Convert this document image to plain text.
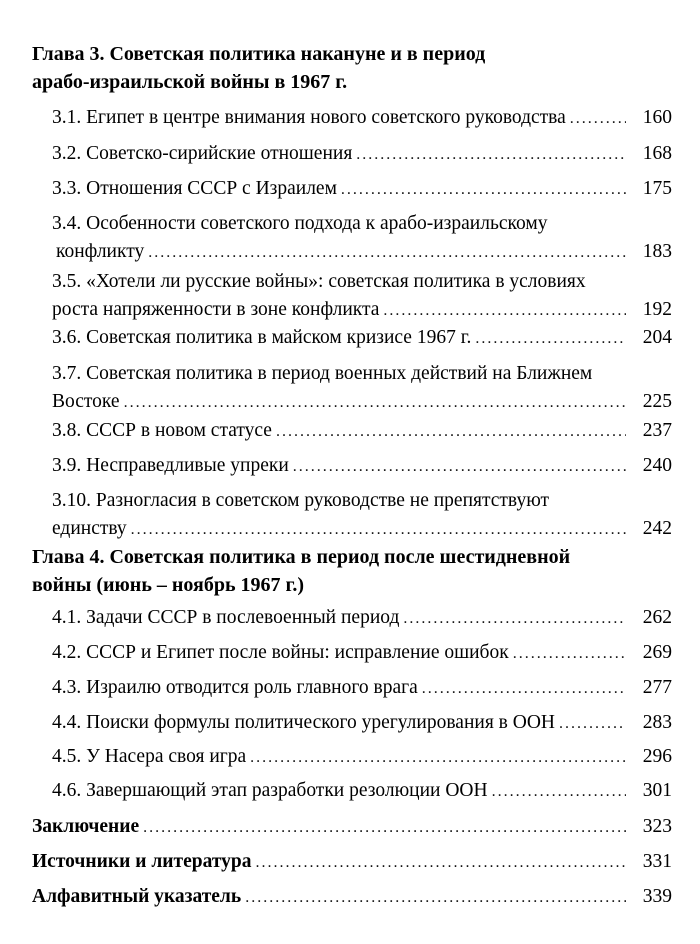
Глава 3. Советская политика накануне и в период
арабо-израильской войны в 1967 г.
3.1. Египет в центре внимания нового советского руководства .....	160
3.2. Советско-сирийские отношения .....	168
3.3. Отношения СССР с Израилем .....	175
3.4. Особенности советского подхода к арабо-израильскому
конфликту .....	183
3.5. «Хотели ли русские войны»: советская политика в условиях
роста напряженности в зоне конфликта .....	192
3.6. Советская политика в майском кризисе 1967 г. .....	204
3.7. Советская политика в период военных действий на Ближнем
Востоке .....	225
3.8. СССР в новом статусе .....	237
3.9. Несправедливые упреки .....	240
3.10. Разногласия в советском руководстве не препятствуют
единству .....	242
Глава 4. Советская политика в период после шестидневной
войны (июнь – ноябрь 1967 г.)
4.1. Задачи СССР в послевоенный период .....	262
4.2. СССР и Египет после войны: исправление ошибок .....	269
4.3. Израилю отводится роль главного врага .....	277
4.4. Поиски формулы политического урегулирования в ООН .....	283
4.5. У Насера своя игра .....	296
4.6. Завершающий этап разработки резолюции ООН .....	301
Заключение .....	323
Источники и литература .....	331
Алфавитный указатель .....	339
